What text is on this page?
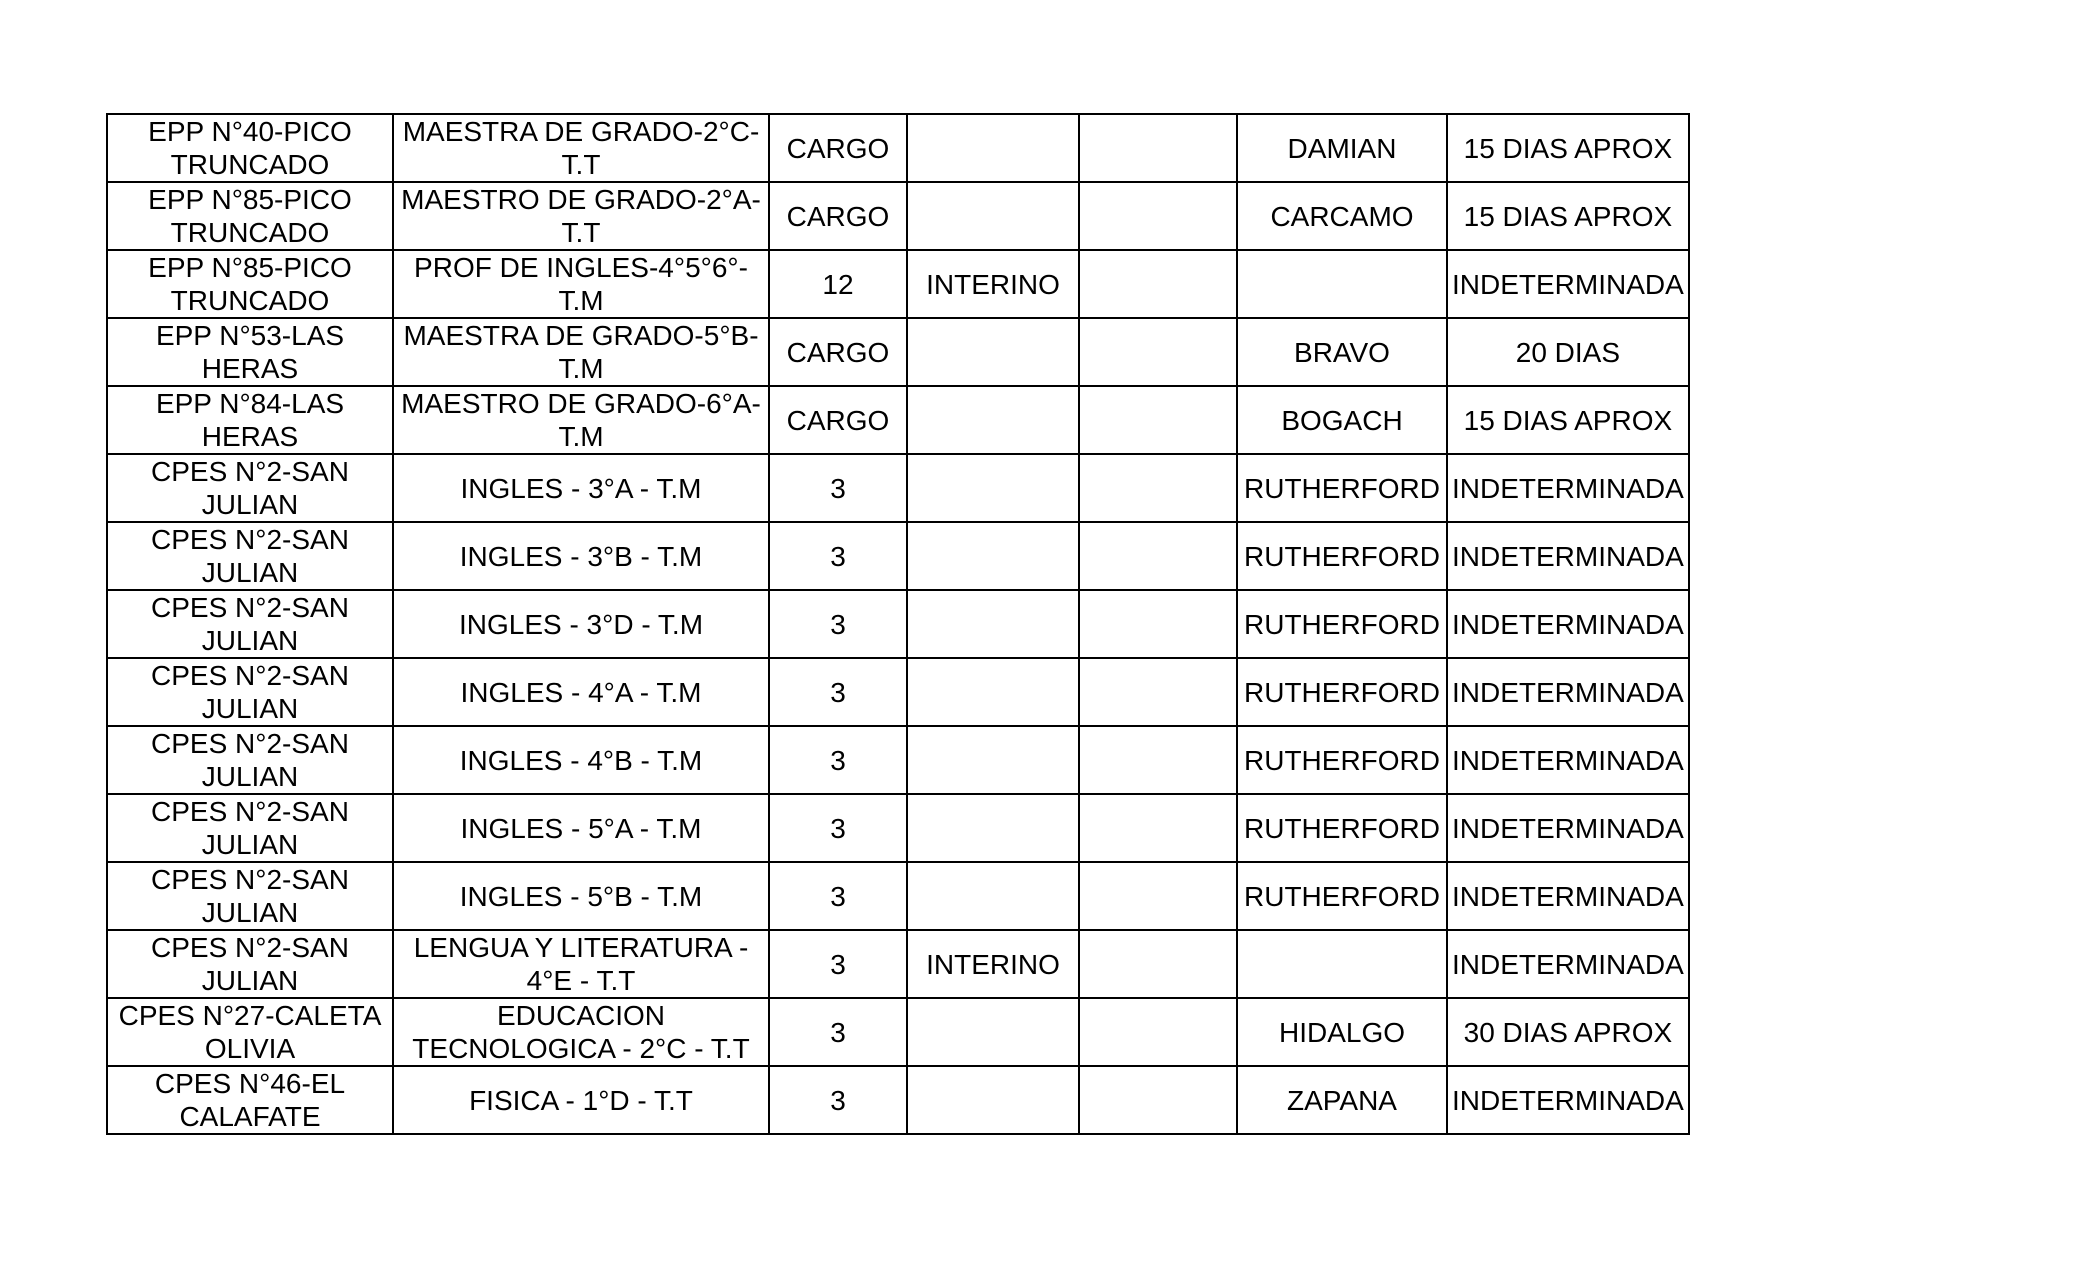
EPP N°40-PICO TRUNCADO	MAESTRA DE GRADO-2°C-T.T	CARGO			DAMIAN	15 DIAS APROX
EPP N°85-PICO TRUNCADO	MAESTRO DE GRADO-2°A-T.T	CARGO			CARCAMO	15 DIAS APROX
EPP N°85-PICO TRUNCADO	PROF DE INGLES-4°5°6°-T.M	12	INTERINO			INDETERMINADA
EPP N°53-LAS HERAS	MAESTRA DE GRADO-5°B-T.M	CARGO			BRAVO	20 DIAS
EPP N°84-LAS HERAS	MAESTRO DE GRADO-6°A-T.M	CARGO			BOGACH	15 DIAS APROX
CPES N°2-SAN JULIAN	INGLES - 3°A - T.M	3			RUTHERFORD	INDETERMINADA
CPES N°2-SAN JULIAN	INGLES - 3°B - T.M	3			RUTHERFORD	INDETERMINADA
CPES N°2-SAN JULIAN	INGLES - 3°D - T.M	3			RUTHERFORD	INDETERMINADA
CPES N°2-SAN JULIAN	INGLES - 4°A - T.M	3			RUTHERFORD	INDETERMINADA
CPES N°2-SAN JULIAN	INGLES - 4°B - T.M	3			RUTHERFORD	INDETERMINADA
CPES N°2-SAN JULIAN	INGLES - 5°A - T.M	3			RUTHERFORD	INDETERMINADA
CPES N°2-SAN JULIAN	INGLES - 5°B - T.M	3			RUTHERFORD	INDETERMINADA
CPES N°2-SAN JULIAN	LENGUA Y LITERATURA - 4°E - T.T	3	INTERINO			INDETERMINADA
CPES N°27-CALETA OLIVIA	EDUCACION TECNOLOGICA - 2°C - T.T	3			HIDALGO	30 DIAS APROX
CPES N°46-EL CALAFATE	FISICA - 1°D - T.T	3			ZAPANA	INDETERMINADA
